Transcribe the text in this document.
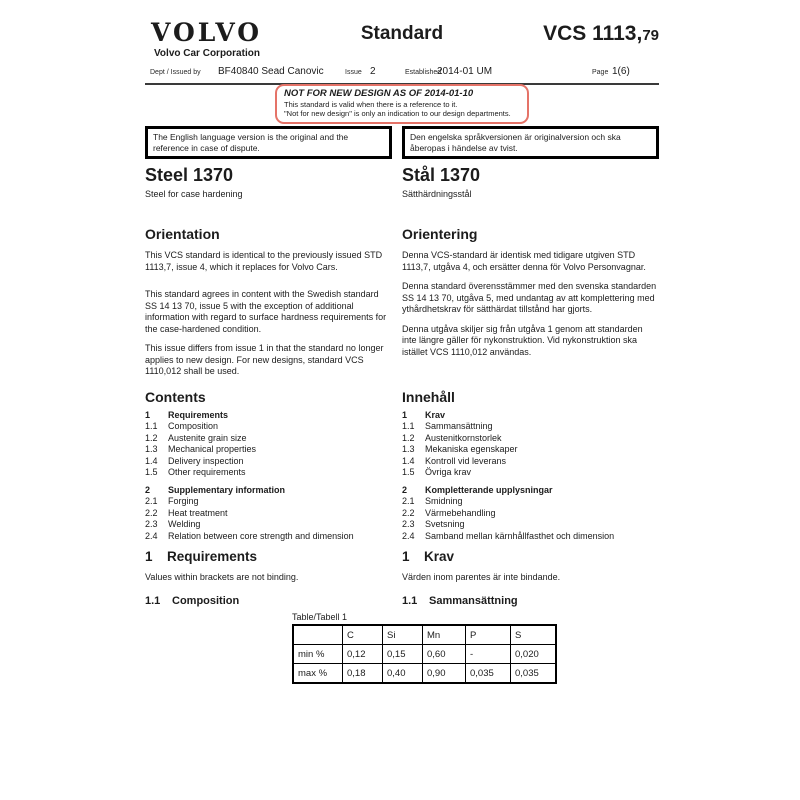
VOLVO
Volvo Car Corporation
Standard	VCS 1113,79
Dept / Issued by BF40840 Sead Canovic	Issue 2	Established
2014-01 UM	Page 1(6)
NOT FOR NEW DESIGN AS OF 2014-01-10
This standard is valid when there is a reference to it.
"Not for new design" is only an indication to our design departments.
The English language version is the original and the reference in case of dispute.
Den engelska språkversionen är originalversion och ska åberopas i händelse av tvist.
Steel 1370
Steel for case hardening
Stål 1370
Sätthärdningsstål
Orientation

This VCS standard is identical to the previously issued STD 1113,7, issue 4, which it replaces for Volvo Cars.

This standard agrees in content with the Swedish standard SS 14 13 70, issue 5 with the exception of additional information with regard to surface hardness requirements for the case-hardened condition.

This issue differs from issue 1 in that the standard no longer applies to new design. For new designs, standard VCS 1110,012 shall be used.

Orientering

Denna VCS-standard är identisk med tidigare utgiven STD 1113,7, utgåva 4, och ersätter denna för Volvo Personvagnar.

Denna standard överensstämmer med den svenska standarden SS 14 13 70, utgåva 5, med undantag av att komplettering med ythårdhetskrav för sätthärdat tillstånd har gjorts.

Denna utgåva skiljer sig från utgåva 1 genom att standarden inte längre gäller för nykonstruktion. Vid nykonstruktion ska istället VCS 1110,012 användas.

Contents
1	Requirements
1.1	Composition
1.2	Austenite grain size
1.3	Mechanical properties
1.4	Delivery inspection
1.5	Other requirements
2	Supplementary information
2.1	Forging
2.2	Heat treatment
2.3	Welding
2.4	Relation between core strength and dimension
Innehåll
1	Krav
1.1	Sammansättning
1.2	Austenitkornstorlek
1.3	Mekaniska egenskaper
1.4	Kontroll vid leverans
1.5	Övriga krav
2	Kompletterande upplysningar
2.1	Smidning
2.2	Värmebehandling
2.3	Svetsning
2.4	Samband mellan kärnhållfasthet och dimension
1 Requirements

Values within brackets are not binding.

1.1 Composition
1 Krav

Värden inom parentes är inte bindande.

1.1 Sammansättning
Table/Tabell 1
	C	Si	Mn	P	S
min %	0,12	0,15	0,60	-	0,020
max %	0,18	0,40	0,90	0,035	0,035
